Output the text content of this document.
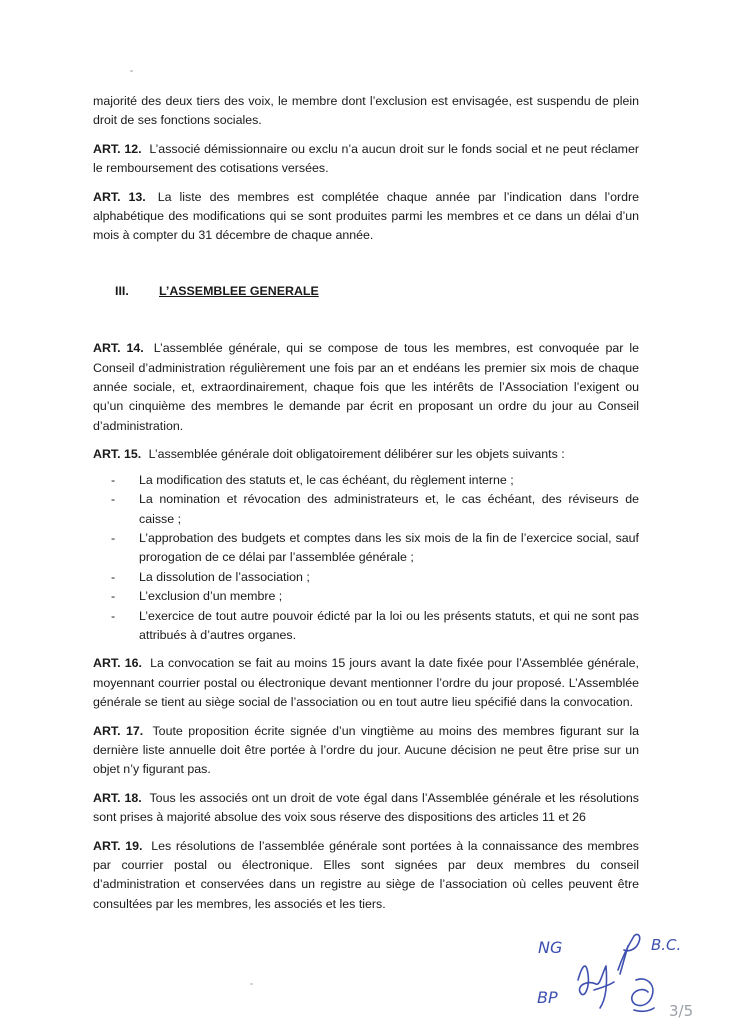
majorité des deux tiers des voix, le membre dont l’exclusion est envisagée, est suspendu de plein droit de ses fonctions sociales.

ART. 12. L’associé démissionnaire ou exclu n’a aucun droit sur le fonds social et ne peut réclamer le remboursement des cotisations versées.

ART. 13. La liste des membres est complétée chaque année par l’indication dans l’ordre alphabétique des modifications qui se sont produites parmi les membres et ce dans un délai d’un mois à compter du 31 décembre de chaque année.

III.	L’ASSEMBLEE GENERALE

ART. 14. L’assemblée générale, qui se compose de tous les membres, est convoquée par le Conseil d’administration régulièrement une fois par an et endéans les premier six mois de chaque année sociale, et, extraordinairement, chaque fois que les intérêts de l’Association l’exigent ou qu’un cinquième des membres le demande par écrit en proposant un ordre du jour au Conseil d’administration.

ART. 15. L’assemblée générale doit obligatoirement délibérer sur les objets suivants :

- La modification des statuts et, le cas échéant, du règlement interne ;
- La nomination et révocation des administrateurs et, le cas échéant, des réviseurs de caisse ;
- L’approbation des budgets et comptes dans les six mois de la fin de l’exercice social, sauf prorogation de ce délai par l’assemblée générale ;
- La dissolution de l’association ;
- L’exclusion d’un membre ;
- L’exercice de tout autre pouvoir édicté par la loi ou les présents statuts, et qui ne sont pas attribués à d’autres organes.

ART. 16. La convocation se fait au moins 15 jours avant la date fixée pour l’Assemblée générale, moyennant courrier postal ou électronique devant mentionner l’ordre du jour proposé. L’Assemblée générale se tient au siège social de l’association ou en tout autre lieu spécifié dans la convocation.

ART. 17. Toute proposition écrite signée d’un vingtième au moins des membres figurant sur la dernière liste annuelle doit être portée à l’ordre du jour. Aucune décision ne peut être prise sur un objet n’y figurant pas.

ART. 18. Tous les associés ont un droit de vote égal dans l’Assemblée générale et les résolutions sont prises à majorité absolue des voix sous réserve des dispositions des articles 11 et 26

ART. 19. Les résolutions de l’assemblée générale sont portées à la connaissance des membres par courrier postal ou électronique. Elles sont signées par deux membres du conseil d’administration et conservées dans un registre au siège de l’association où celles peuvent être consultées par les membres, les associés et les tiers.

NG	B.C.
BP
3/5
